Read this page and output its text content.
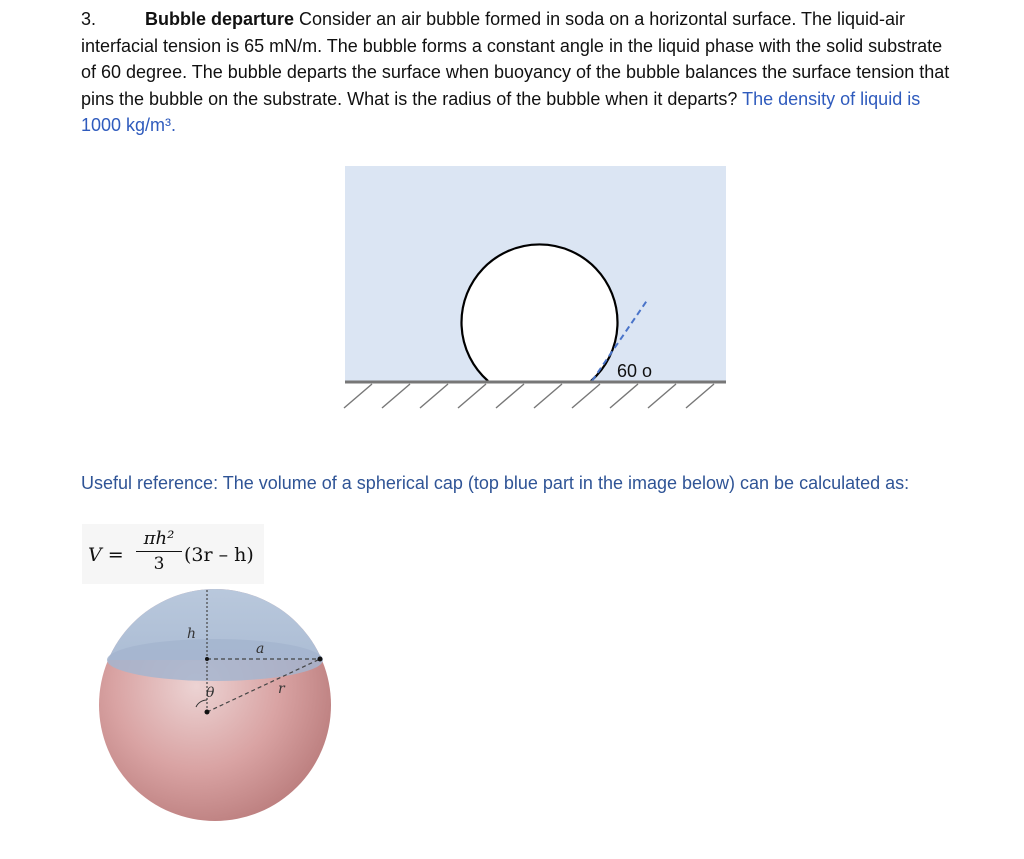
3.	Bubble departure Consider an air bubble formed in soda on a horizontal surface. The liquid-air interfacial tension is 65 mN/m. The bubble forms a constant angle in the liquid phase with the solid substrate of 60 degree. The bubble departs the surface when buoyancy of the bubble balances the surface tension that pins the bubble on the substrate. What is the radius of the bubble when it departs? The density of liquid is 1000 kg/m³.

60 o

Useful reference: The volume of a spherical cap (top blue part in the image below) can be calculated as:

V =
πh²
3	(3r – h)
h
a
θ	r
